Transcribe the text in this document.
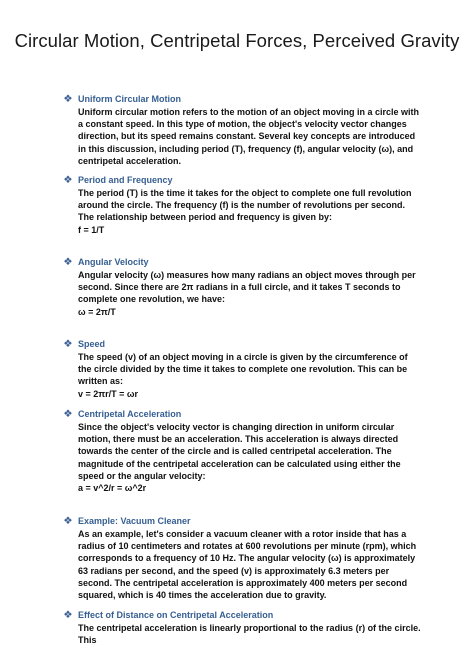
Circular Motion, Centripetal Forces, Perceived Gravity
❖ Uniform Circular Motion

Uniform circular motion refers to the motion of an object moving in a circle with a constant speed. In this type of motion, the object's velocity vector changes direction, but its speed remains constant. Several key concepts are introduced in this discussion, including period (T), frequency (f), angular velocity (ω), and centripetal acceleration.

❖ Period and Frequency

The period (T) is the time it takes for the object to complete one full revolution around the circle. The frequency (f) is the number of revolutions per second. The relationship between period and frequency is given by:

f = 1/T

❖ Angular Velocity

Angular velocity (ω) measures how many radians an object moves through per second. Since there are 2π radians in a full circle, and it takes T seconds to complete one revolution, we have:

ω = 2π/T

❖ Speed

The speed (v) of an object moving in a circle is given by the circumference of the circle divided by the time it takes to complete one revolution. This can be written as:

v = 2πr/T = ωr

❖ Centripetal Acceleration

Since the object's velocity vector is changing direction in uniform circular motion, there must be an acceleration. This acceleration is always directed towards the center of the circle and is called centripetal acceleration. The magnitude of the centripetal acceleration can be calculated using either the speed or the angular velocity:

a = v^2/r = ω^2r

❖ Example: Vacuum Cleaner

As an example, let's consider a vacuum cleaner with a rotor inside that has a radius of 10 centimeters and rotates at 600 revolutions per minute (rpm), which corresponds to a frequency of 10 Hz. The angular velocity (ω) is approximately 63 radians per second, and the speed (v) is approximately 6.3 meters per second. The centripetal acceleration is approximately 400 meters per second squared, which is 40 times the acceleration due to gravity.

❖ Effect of Distance on Centripetal Acceleration

The centripetal acceleration is linearly proportional to the radius (r) of the circle. This
